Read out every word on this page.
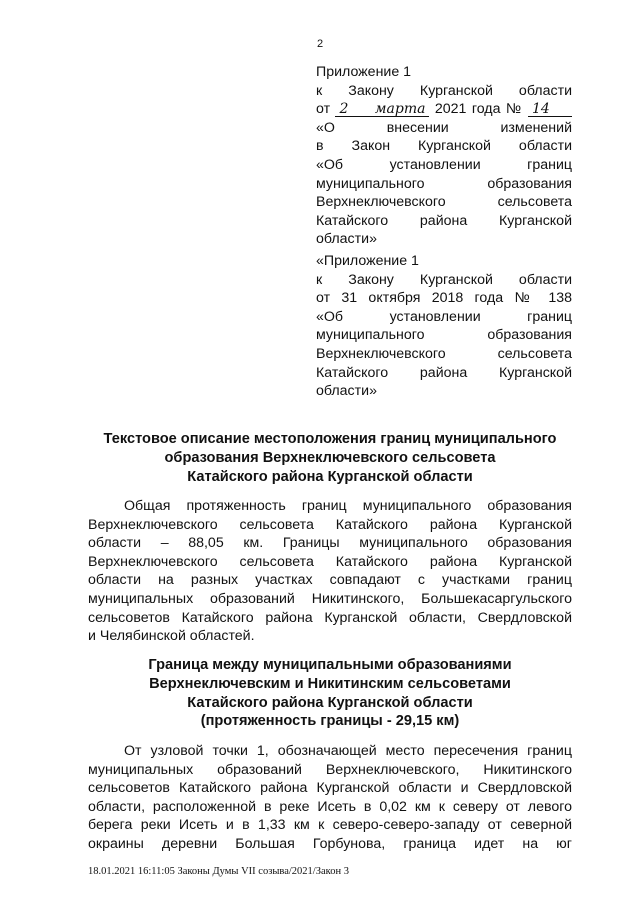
2
Приложение 1
к Закону Курганской области
от 2 марта 2021 года № 14
«О внесении изменений
в Закон Курганской области
«Об установлении границ
муниципального образования
Верхнеключевского сельсовета
Катайского района Курганской
области»
«Приложение 1
к Закону Курганской области
от 31 октября 2018 года № 138
«Об установлении границ
муниципального образования
Верхнеключевского сельсовета
Катайского района Курганской
области»
Текстовое описание местоположения границ муниципального
образования Верхнеключевского сельсовета
Катайского района Курганской области
Общая протяженность границ муниципального образования
Верхнеключевского сельсовета Катайского района Курганской
области – 88,05 км. Границы муниципального образования
Верхнеключевского сельсовета Катайского района Курганской
области на разных участках совпадают с участками границ
муниципальных образований Никитинского, Большекасаргульского
сельсоветов Катайского района Курганской области, Свердловской
и Челябинской областей.
Граница между муниципальными образованиями
Верхнеключевским и Никитинским сельсоветами
Катайского района Курганской области
(протяженность границы - 29,15 км)
От узловой точки 1, обозначающей место пересечения границ
муниципальных образований Верхнеключевского, Никитинского
сельсоветов Катайского района Курганской области и Свердловской
области, расположенной в реке Исеть в 0,02 км к северу от левого
берега реки Исеть и в 1,33 км к северо-северо-западу от северной
окраины деревни Большая Горбунова, граница идет на юг
18.01.2021 16:11:05 Законы Думы VII созыва/2021/Закон 3
